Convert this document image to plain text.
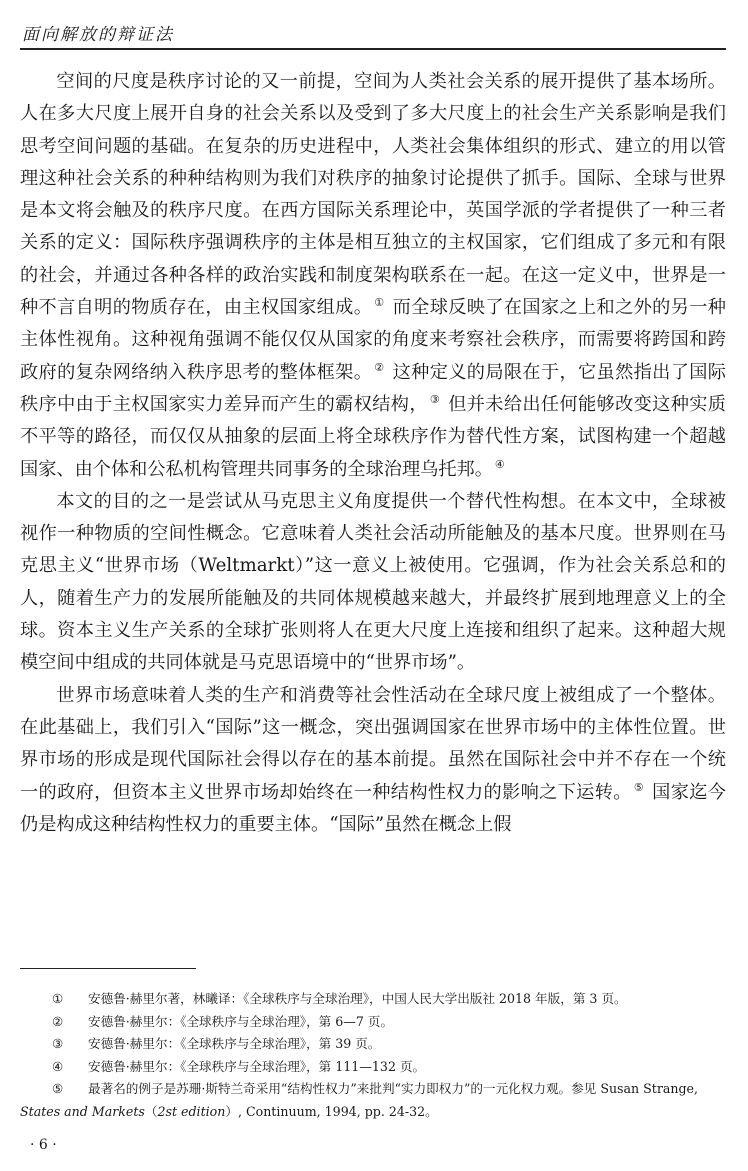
面向解放的辩证法

空间的尺度是秩序讨论的又一前提，空间为人类社会关系的展开提供了基本场所。人在多大尺度上展开自身的社会关系以及受到了多大尺度上的社会生产关系影响是我们思考空间问题的基础。在复杂的历史进程中，人类社会集体组织的形式、建立的用以管理这种社会关系的种种结构则为我们对秩序的抽象讨论提供了抓手。国际、全球与世界是本文将会触及的秩序尺度。在西方国际关系理论中，英国学派的学者提供了一种三者关系的定义：国际秩序强调秩序的主体是相互独立的主权国家，它们组成了多元和有限的社会，并通过各种各样的政治实践和制度架构联系在一起。在这一定义中，世界是一种不言自明的物质存在，由主权国家组成。 ① 而全球反映了在国家之上和之外的另一种主体性视角。这种视角强调不能仅仅从国家的角度来考察社会秩序，而需要将跨国和跨政府的复杂网络纳入秩序思考的整体框架。 ② 这种定义的局限在于，它虽然指出了国际秩序中由于主权国家实力差异而产生的霸权结构， ③ 但并未给出任何能够改变这种实质不平等的路径，而仅仅从抽象的层面上将全球秩序作为替代性方案，试图构建一个超越国家、由个体和公私机构管理共同事务的全球治理乌托邦。 ④

本文的目的之一是尝试从马克思主义角度提供一个替代性构想。在本文中，全球被视作一种物质的空间性概念。它意味着人类社会活动所能触及的基本尺度。世界则在马克思主义“世界市场（Weltmarkt）”这一意义上被使用。它强调，作为社会关系总和的人，随着生产力的发展所能触及的共同体规模越来越大，并最终扩展到地理意义上的全球。资本主义生产关系的全球扩张则将人在更大尺度上连接和组织了起来。这种超大规模空间中组成的共同体就是马克思语境中的“世界市场”。

世界市场意味着人类的生产和消费等社会性活动在全球尺度上被组成了一个整体。在此基础上，我们引入“国际”这一概念，突出强调国家在世界市场中的主体性位置。世界市场的形成是现代国际社会得以存在的基本前提。虽然在国际社会中并不存在一个统一的政府，但资本主义世界市场却始终在一种结构性权力的影响之下运转。 ⑤ 国家迄今仍是构成这种结构性权力的重要主体。“国际”虽然在概念上假

① 安德鲁·赫里尔著，林曦译：《全球秩序与全球治理》，中国人民大学出版社 2018 年版，第 3 页。
② 安德鲁·赫里尔：《全球秩序与全球治理》，第 6—7 页。
③ 安德鲁·赫里尔：《全球秩序与全球治理》，第 39 页。
④ 安德鲁·赫里尔：《全球秩序与全球治理》，第 111—132 页。
⑤ 最著名的例子是苏珊·斯特兰奇采用“结构性权力”来批判“实力即权力”的一元化权力观。参见 Susan Strange, States and Markets（2st edition）, Continuum, 1994, pp. 24-32。
· 6 ·
